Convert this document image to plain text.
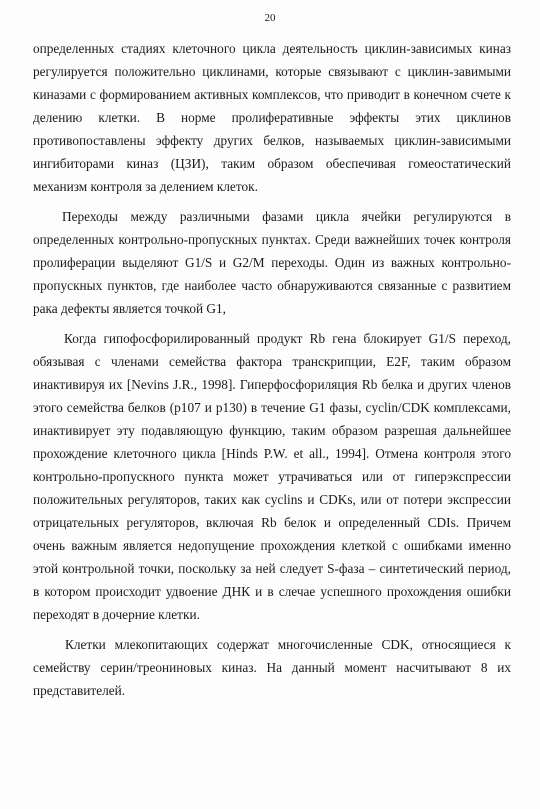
20

определенных стадиях клеточного цикла деятельность циклин-зависимых киназ регулируется положительно циклинами, которые связывают с циклин-завимыми киназами с формированием активных комплексов, что приводит в конечном счете к делению клетки. В норме пролиферативные эффекты этих циклинов противопоставлены эффекту других белков, называемых циклин-зависимыми ингибиторами киназ (ЦЗИ), таким образом обеспечивая гомеостатический механизм контроля за делением клеток.

Переходы между различными фазами цикла ячейки регулируются в определенных контрольно-пропускных пунктах. Среди важнейших точек контроля пролиферации выделяют G1/S и G2/M переходы. Один из важных контрольно-пропускных пунктов, где наиболее часто обнаруживаются связанные с развитием рака дефекты является точкой G1,

Когда гипофосфорилированный продукт Rb гена блокирует G1/S переход, обязывая с членами семейства фактора транскрипции, E2F, таким образом инактивируя их [Nevins J.R., 1998]. Гиперфосфориляция Rb белка и других членов этого семейства белков (p107 и p130) в течение G1 фазы, cyclin/CDK комплексами, инактивирует эту подавляющую функцию, таким образом разрешая дальнейшее прохождение клеточного цикла [Hinds P.W. et all., 1994]. Отмена контроля этого контрольно-пропускного пункта может утрачиваться или от гиперэкспрессии положительных регуляторов, таких как cyclins и CDKs, или от потери экспрессии отрицательных регуляторов, включая Rb белок и определенный CDIs. Причем очень важным является недопущение прохождения клеткой с ошибками именно этой контрольной точки, поскольку за ней следует S-фаза – синтетический период, в котором происходит удвоение ДНК и в слечае успешного прохождения ошибки переходят в дочерние клетки.

Клетки млекопитающих содержат многочисленные CDK, относящиеся к семейству серин/треониновых киназ. На данный момент насчитывают 8 их представителей.
